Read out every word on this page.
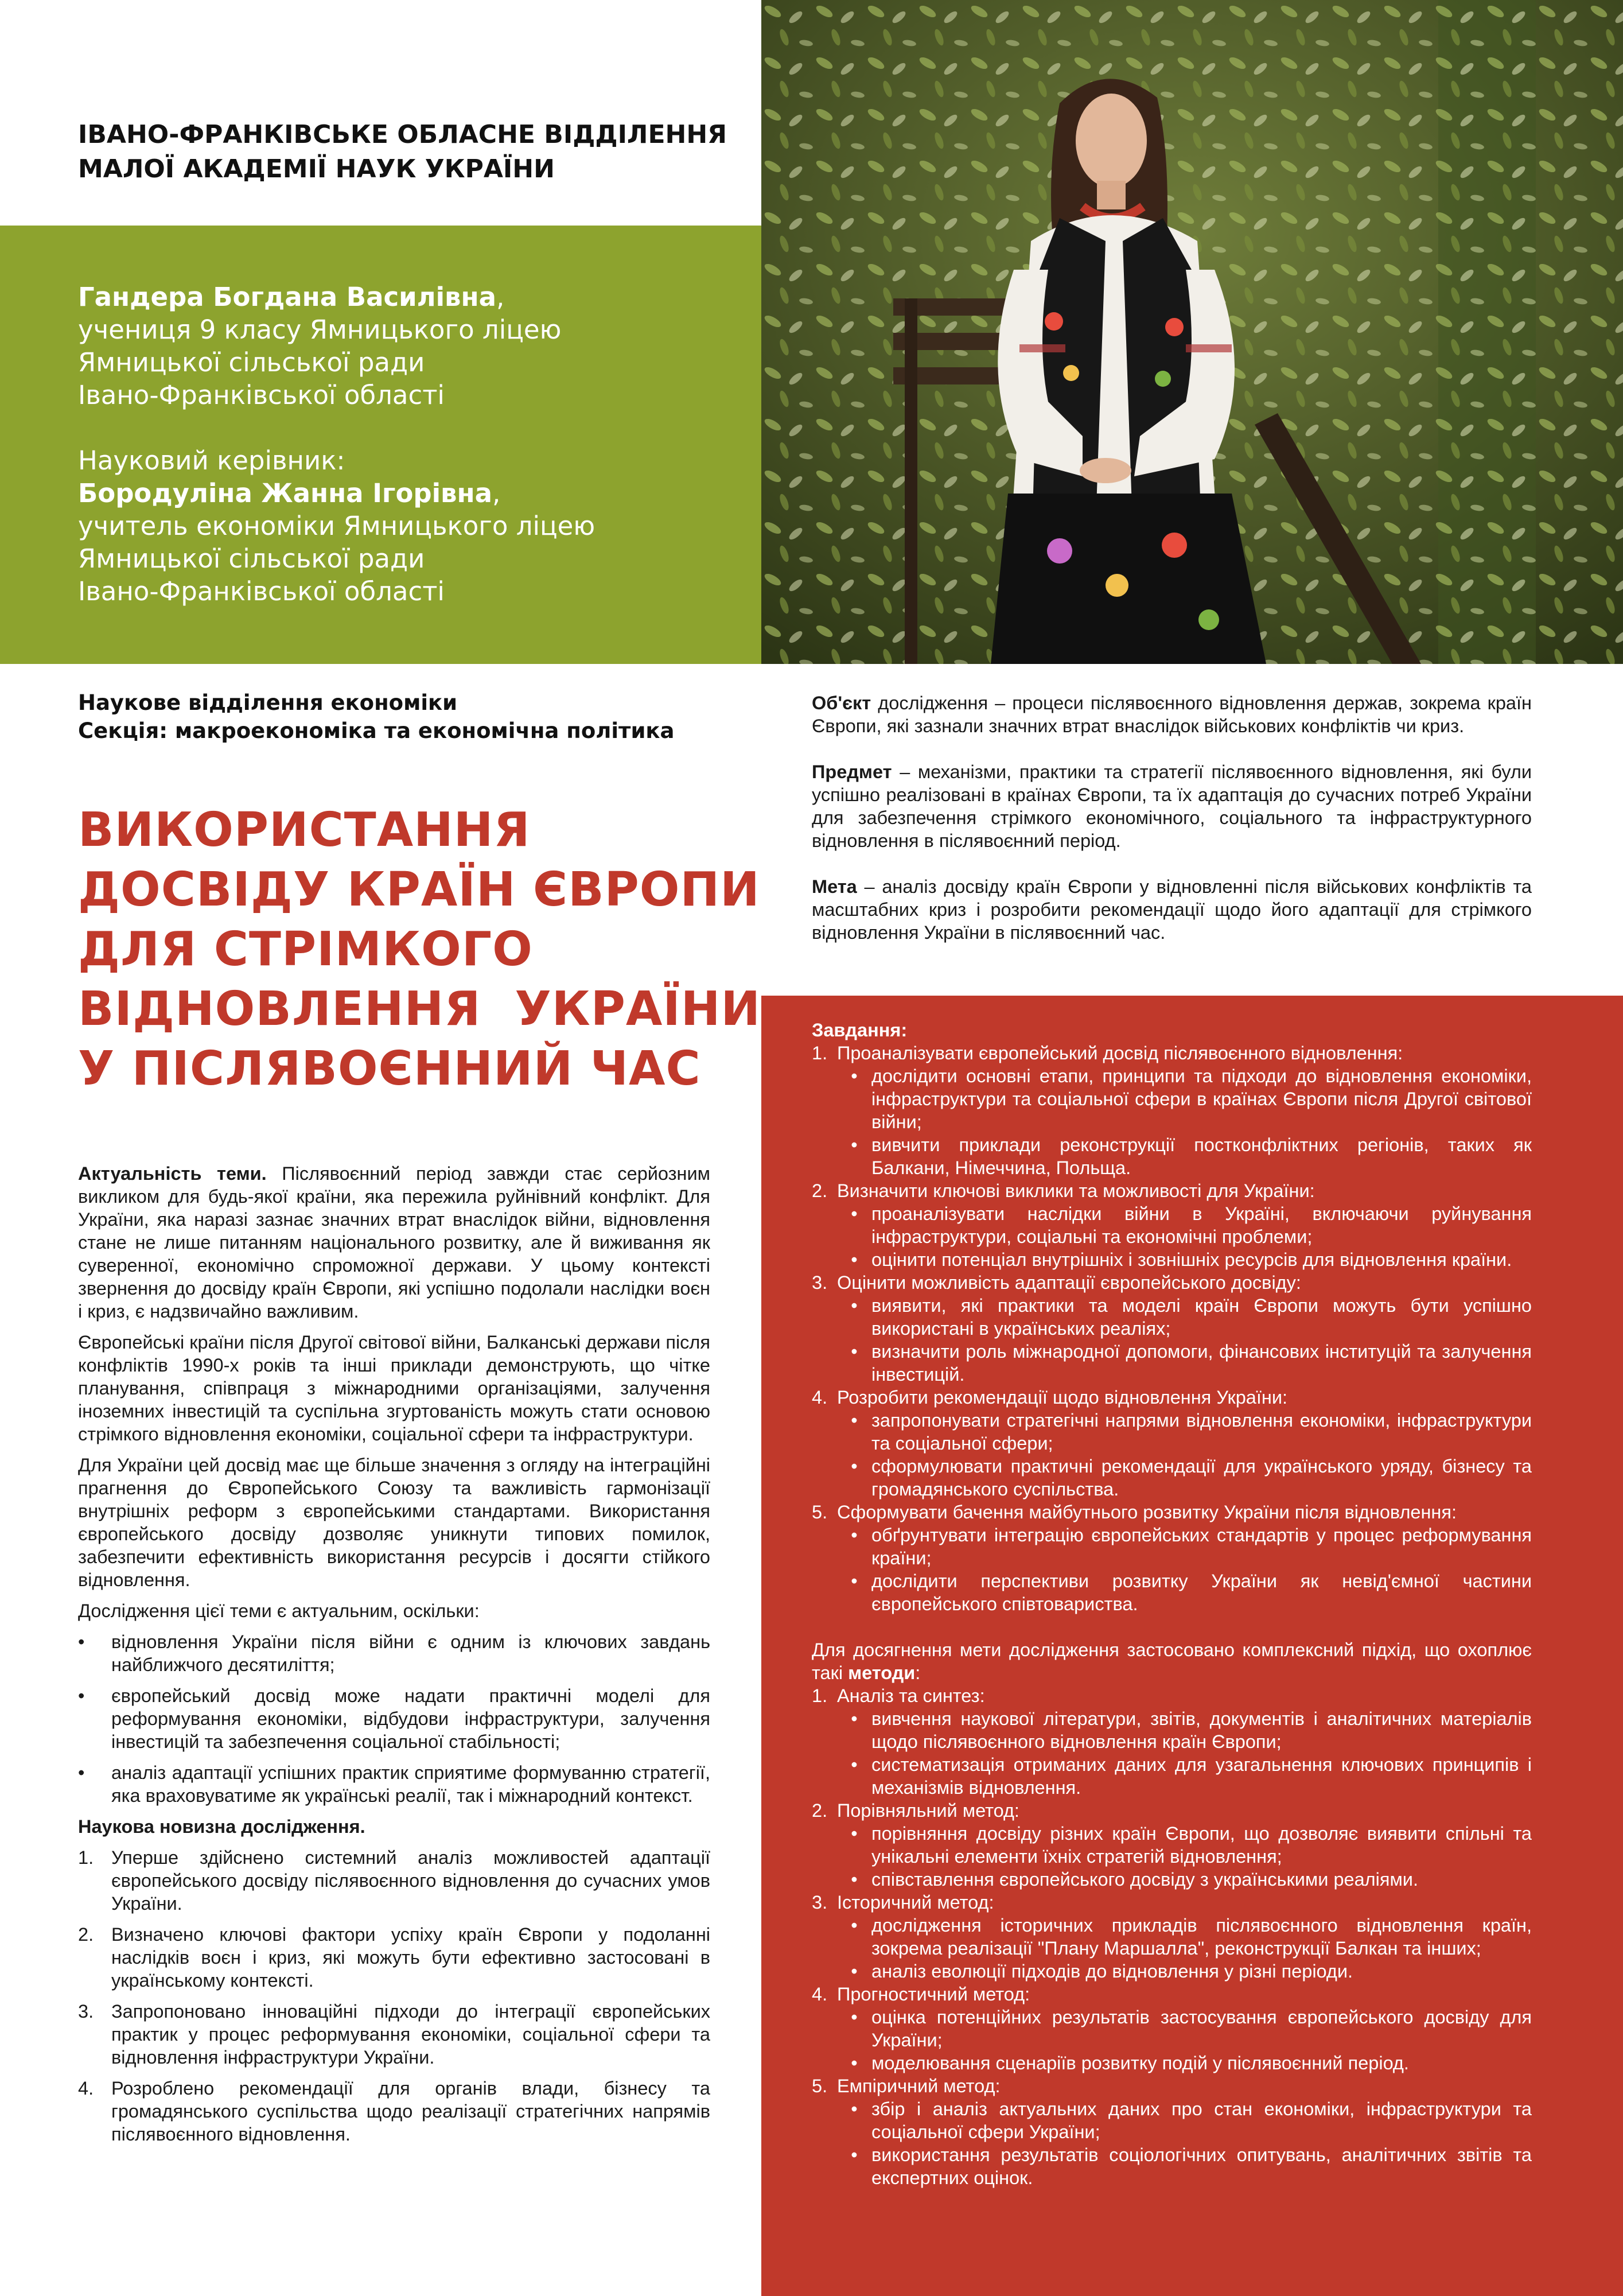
ІВАНО-ФРАНКІВСЬКЕ ОБЛАСНЕ ВІДДІЛЕННЯ
МАЛОЇ АКАДЕМІЇ НАУК УКРАЇНИ
Гандера Богдана Василівна,
учениця 9 класу Ямницького ліцею
Ямницької сільської ради
Івано-Франківської області
Науковий керівник:
Бородуліна Жанна Ігорівна,
учитель економіки Ямницького ліцею
Ямницької сільської ради
Івано-Франківської області
Наукове відділення економіки
Секція: макроекономіка та економічна політика
ВИКОРИСТАННЯ
ДОСВІДУ КРАЇН ЄВРОПИ
ДЛЯ СТРІМКОГО
ВІДНОВЛЕННЯ  УКРАЇНИ
У ПІСЛЯВОЄННИЙ ЧАС

Актуальність теми. Післявоєнний період завжди стає серйозним викликом для будь-якої країни, яка пережила руйнівний конфлікт. Для України, яка наразі зазнає значних втрат внаслідок війни, відновлення стане не лише питанням національного розвитку, але й виживання як суверенної, економічно спроможної держави. У цьому контексті звернення до досвіду країн Європи, які успішно подолали наслідки воєн і криз, є надзвичайно важливим.

Європейські країни після Другої світової війни, Балканські держави після конфліктів 1990-х років та інші приклади демонструють, що чітке планування, співпраця з міжнародними організаціями, залучення іноземних інвестицій та суспільна згуртованість можуть стати основою стрімкого відновлення економіки, соціальної сфери та інфраструктури.

Для України цей досвід має ще більше значення з огляду на інтеграційні прагнення до Європейського Союзу та важливість гармонізації внутрішніх реформ з європейськими стандартами. Використання європейського досвіду дозволяє уникнути типових помилок, забезпечити ефективність використання ресурсів і досягти стійкого відновлення.

Дослідження цієї теми є актуальним, оскільки:

•	відновлення України після війни є одним із ключових завдань найближчого десятиліття;
•	європейський досвід може надати практичні моделі для реформування економіки, відбудови інфраструктури, залучення інвестицій та забезпечення соціальної стабільності;
•	аналіз адаптації успішних практик сприятиме формуванню стратегії, яка враховуватиме як українські реалії, так і міжнародний контекст.
Наукова новизна дослідження.
1. Уперше здійснено системний аналіз можливостей адаптації європейського досвіду післявоєнного відновлення до сучасних умов України.
2. Визначено ключові фактори успіху країн Європи у подоланні наслідків воєн і криз, які можуть бути ефективно застосовані в українському контексті.
3. Запропоновано інноваційні підходи до інтеграції європейських практик у процес реформування економіки, соціальної сфери та відновлення інфраструктури України.
4. Розроблено рекомендації для органів влади, бізнесу та громадянського суспільства щодо реалізації стратегічних напрямів післявоєнного відновлення.

Об'єкт дослідження – процеси післявоєнного відновлення держав, зокрема країн Європи, які зазнали значних втрат внаслідок військових конфліктів чи криз.

Предмет – механізми, практики та стратегії післявоєнного відновлення, які були успішно реалізовані в країнах Європи, та їх адаптація до сучасних потреб України для забезпечення стрімкого економічного, соціального та інфраструктурного відновлення в післявоєнний період.

Мета – аналіз досвіду країн Європи у відновленні після військових конфліктів та масштабних криз і розробити рекомендації щодо його адаптації для стрімкого відновлення України в післявоєнний час.

Завдання:
1. Проаналізувати європейський досвід післявоєнного відновлення:
• дослідити основні етапи, принципи та підходи до відновлення економіки, інфраструктури та соціальної сфери в країнах Європи після Другої світової війни;
• вивчити приклади реконструкції постконфліктних регіонів, таких як Балкани, Німеччина, Польща.
2. Визначити ключові виклики та можливості для України:
• проаналізувати наслідки війни в Україні, включаючи руйнування інфраструктури, соціальні та економічні проблеми;
• оцінити потенціал внутрішніх і зовнішніх ресурсів для відновлення країни.
3. Оцінити можливість адаптації європейського досвіду:
• виявити, які практики та моделі країн Європи можуть бути успішно використані в українських реаліях;
• визначити роль міжнародної допомоги, фінансових інституцій та залучення інвестицій.
4. Розробити рекомендації щодо відновлення України:
• запропонувати стратегічні напрями відновлення економіки, інфраструктури та соціальної сфери;
• сформулювати практичні рекомендації для українського уряду, бізнесу та громадянського суспільства.
5. Сформувати бачення майбутнього розвитку України після відновлення:
• обґрунтувати інтеграцію європейських стандартів у процес реформування країни;
• дослідити перспективи розвитку України як невід'ємної частини європейського співтовариства.
Для досягнення мети дослідження застосовано комплексний підхід, що охоплює такі методи:
1. Аналіз та синтез:
• вивчення наукової літератури, звітів, документів і аналітичних матеріалів щодо післявоєнного відновлення країн Європи;
• систематизація отриманих даних для узагальнення ключових принципів і механізмів відновлення.
2. Порівняльний метод:
• порівняння досвіду різних країн Європи, що дозволяє виявити спільні та унікальні елементи їхніх стратегій відновлення;
• співставлення європейського досвіду з українськими реаліями.
3. Історичний метод:
• дослідження історичних прикладів післявоєнного відновлення країн, зокрема реалізації "Плану Маршалла", реконструкції Балкан та інших;
• аналіз еволюції підходів до відновлення у різні періоди.
4. Прогностичний метод:
• оцінка потенційних результатів застосування європейського досвіду для України;
• моделювання сценаріїв розвитку подій у післявоєнний період.
5. Емпіричний метод:
• збір і аналіз актуальних даних про стан економіки, інфраструктури та соціальної сфери України;
• використання результатів соціологічних опитувань, аналітичних звітів та експертних оцінок.
